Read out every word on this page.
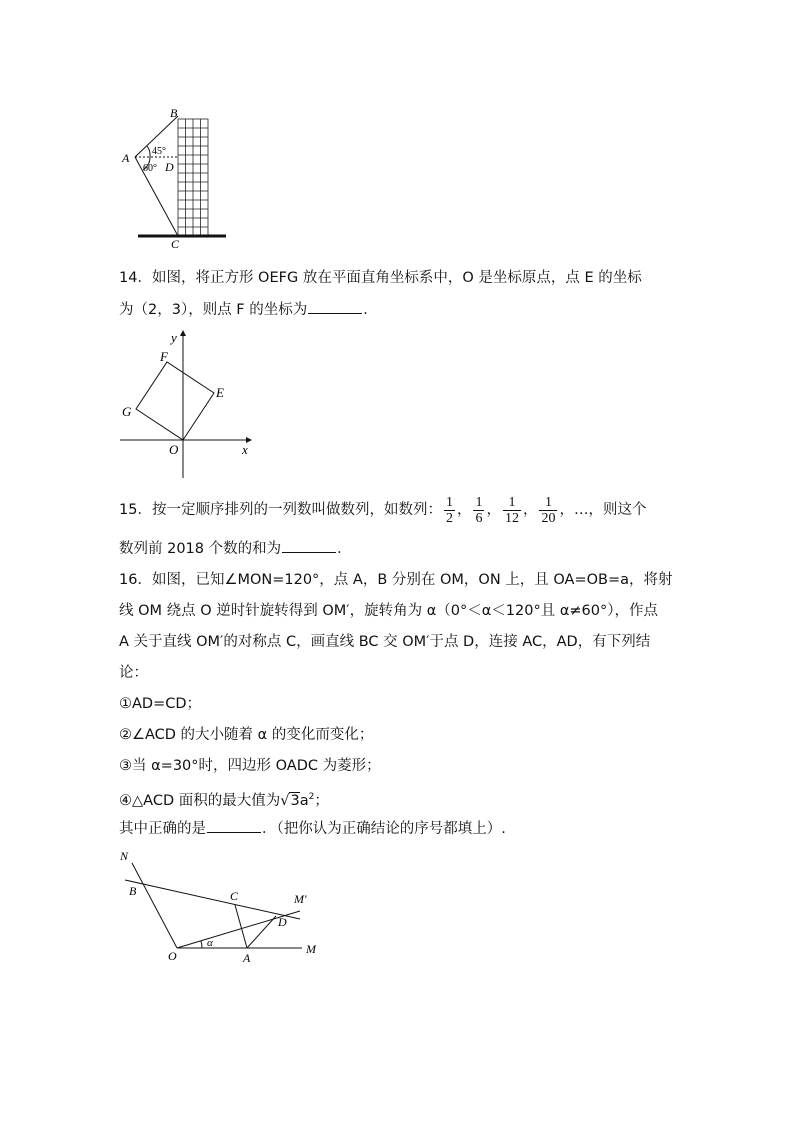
B
A
D
C
45°
60°
14．如图，将正方形 OEFG 放在平面直角坐标系中，O 是坐标原点，点 E 的坐标
为（2，3），则点 F 的坐标为	．
x
y
O
E
F
G
15．按一定顺序排列的一列数叫做数列，如数列： $\frac{1}{2}$ ， $\frac{1}{6}$ ， $\frac{1}{12}$ ， $\frac{1}{20}$ ，…，则这个
数列前 2018 个数的和为	．
16．如图，已知∠MON=120°，点 A，B 分别在 OM，ON 上，且 OA=OB=a，将射
线 OM 绕点 O 逆时针旋转得到 OM′，旋转角为 α（0°＜α＜120°且 α≠60°），作点
A 关于直线 OM′的对称点 C，画直线 BC 交 OM′于点 D，连接 AC，AD，有下列结
论：
①AD=CD；
②∠ACD 的大小随着 α 的变化而变化；
③当 α=30°时，四边形 OADC 为菱形；
④△ACD 面积的最大值为$√3a^2$；
其中正确的是	．（把你认为正确结论的序号都填上）.
N
B	C	M′
D
O	A
M
α
